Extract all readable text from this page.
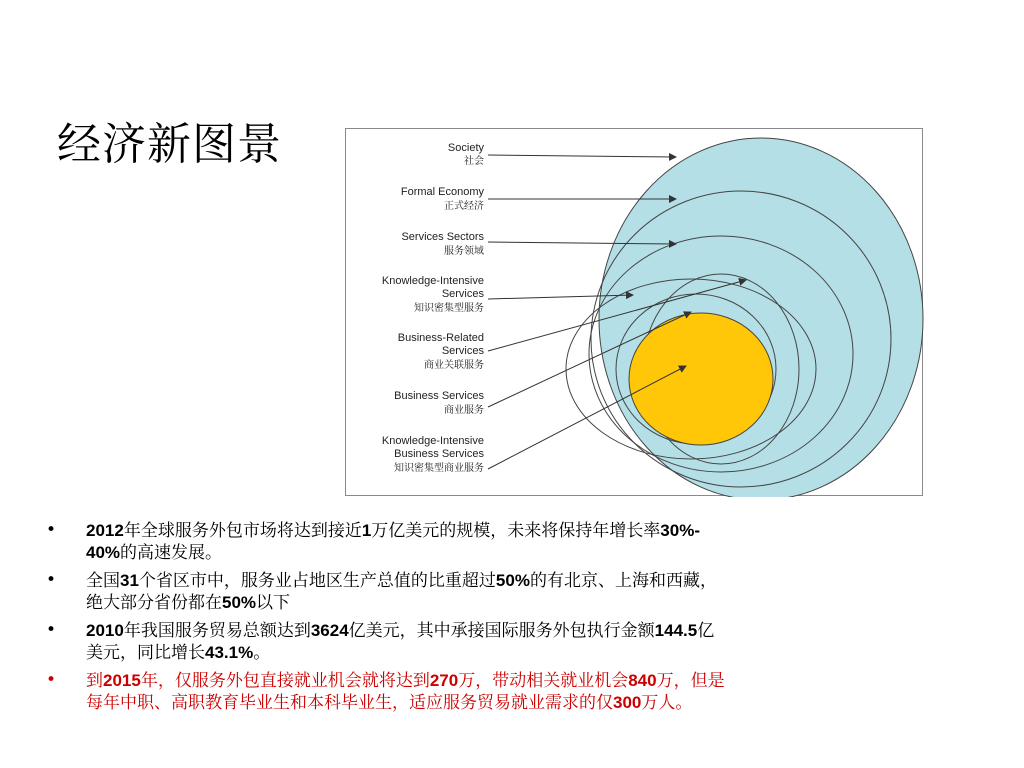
经济新图景	Society
社会
Formal Economy
正式经济
Services Sectors
服务领域
Knowledge-Intensive
Services
知识密集型服务
Business-Related
Services
商业关联服务
Business Services
商业服务
Knowledge-Intensive
Business Services
知识密集型商业服务
• 2012年全球服务外包市场将达到接近1万亿美元的规模，未来将保持年增长率30%-
40%的高速发展。
• 全国31个省区市中，服务业占地区生产总值的比重超过50%的有北京、上海和西藏，
绝大部分省份都在50%以下
• 2010年我国服务贸易总额达到3624亿美元，其中承接国际服务外包执行金额144.5亿
美元，同比增长43.1%。
• 到2015年，仅服务外包直接就业机会就将达到270万，带动相关就业机会840万，但是
每年中职、高职教育毕业生和本科毕业生，适应服务贸易就业需求的仅300万人。
